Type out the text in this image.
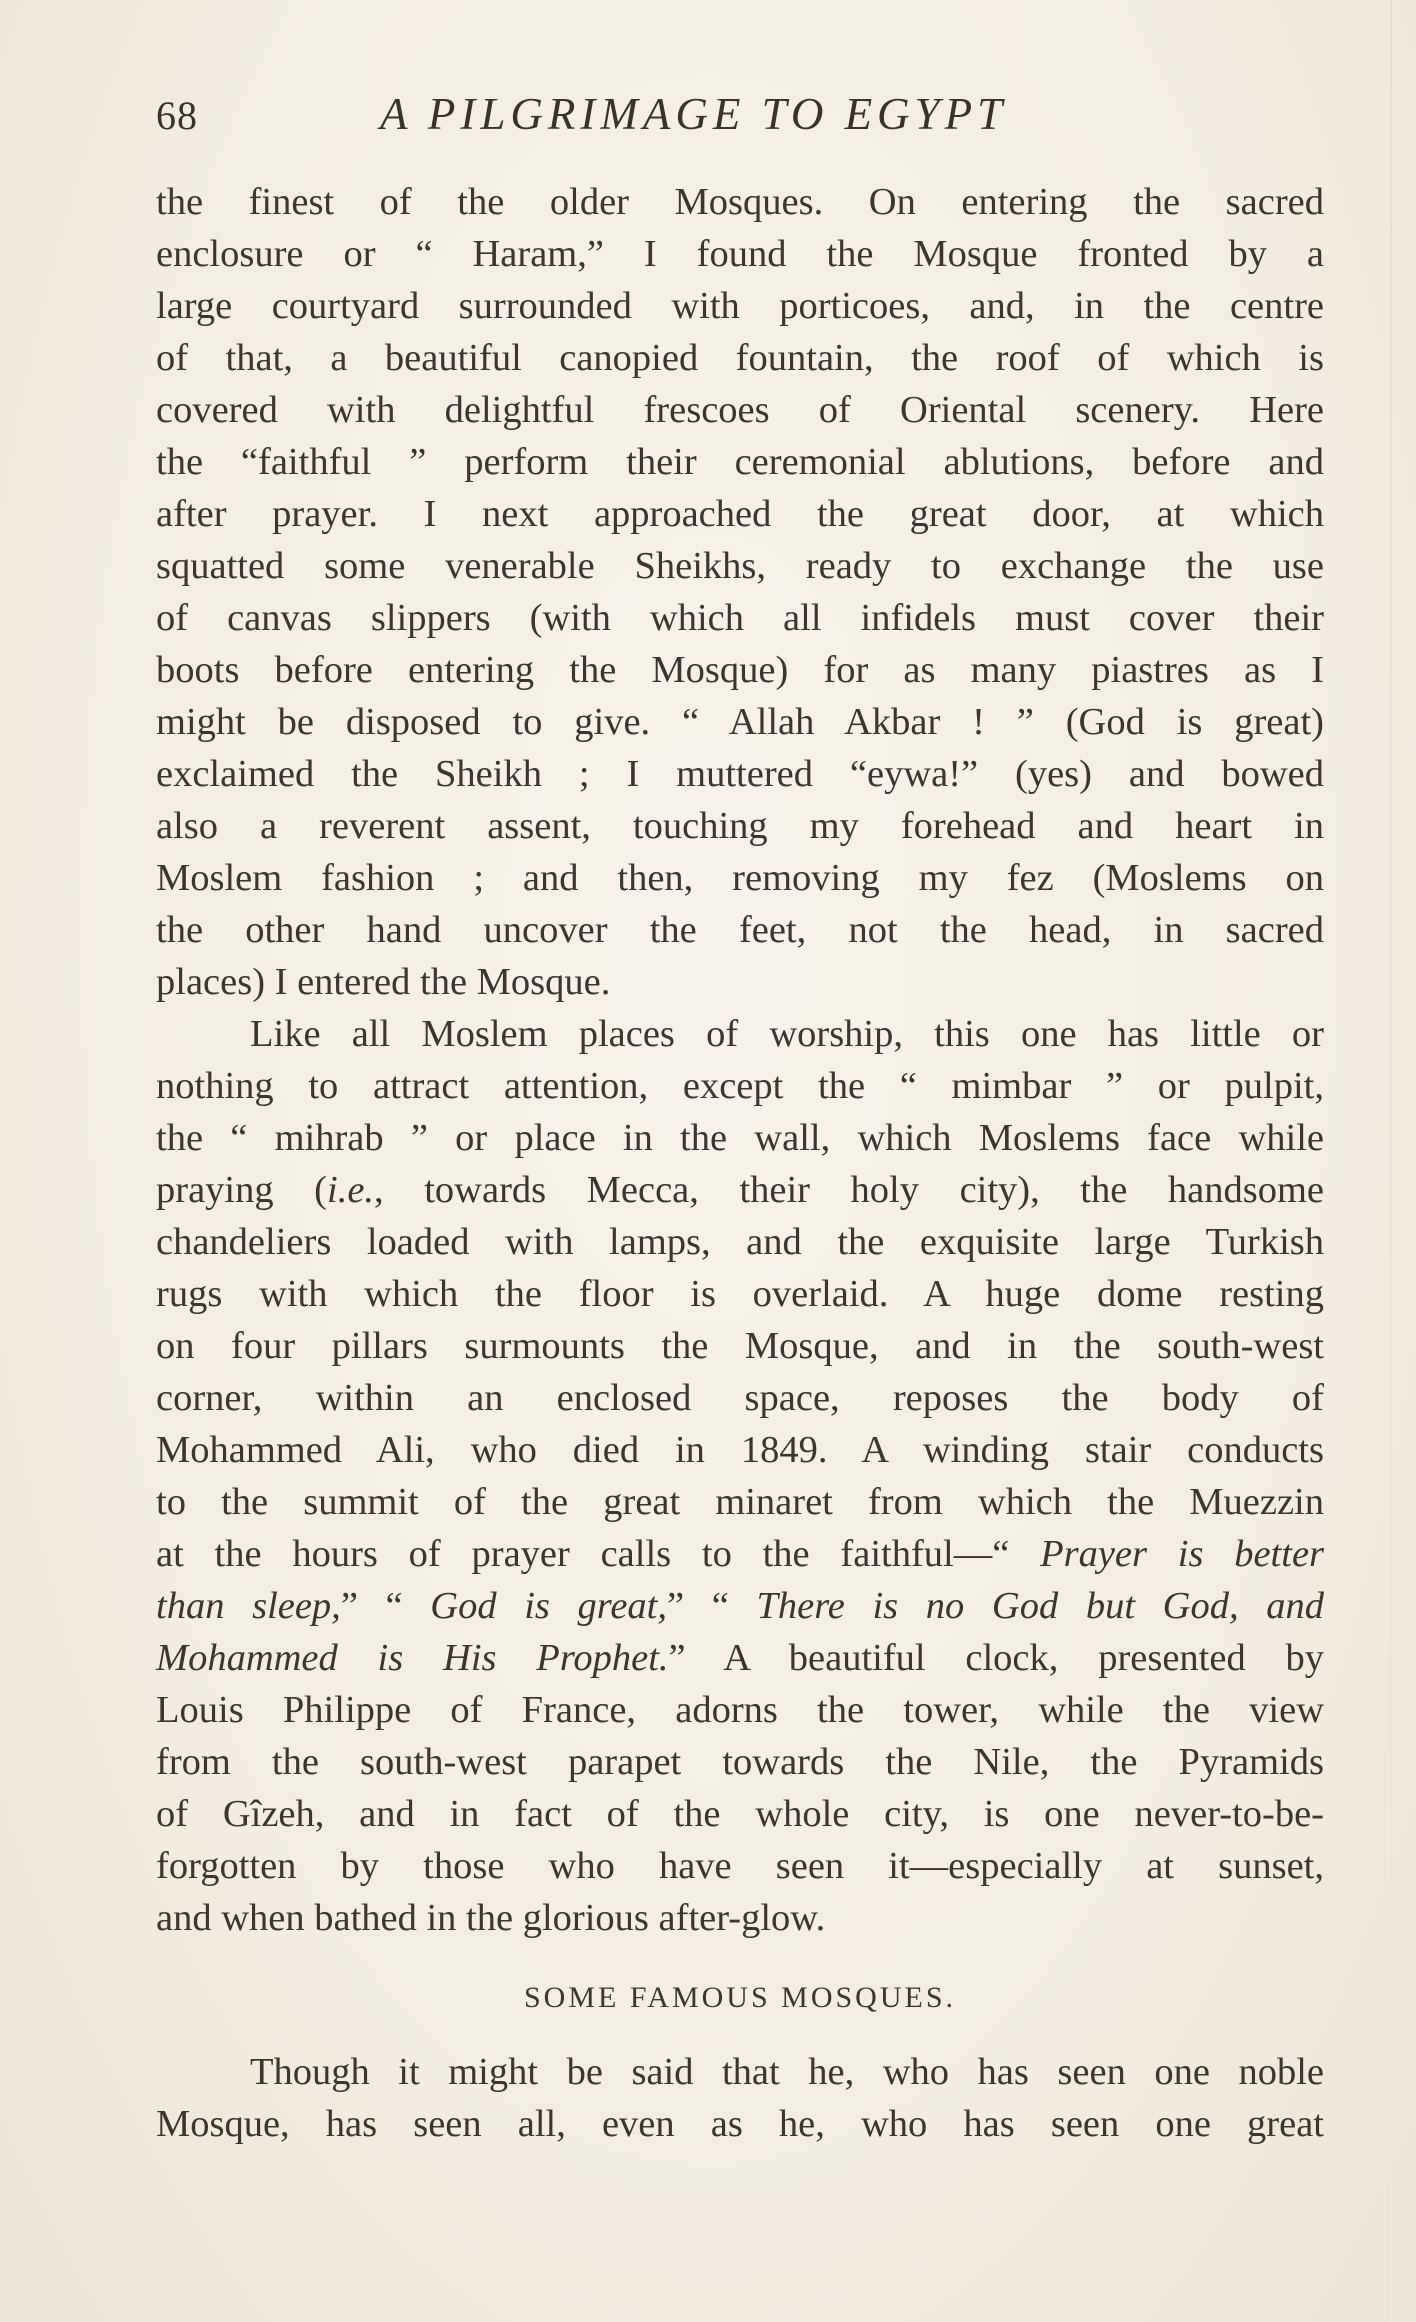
68	A PILGRIMAGE TO EGYPT

the finest of the older Mosques. On entering the sacred
enclosure or “ Haram,” I found the Mosque fronted by a
large courtyard surrounded with porticoes, and, in the centre
of that, a beautiful canopied fountain, the roof of which is
covered with delightful frescoes of Oriental scenery. Here
the “faithful ” perform their ceremonial ablutions, before and
after prayer. I next approached the great door, at which
squatted some venerable Sheikhs, ready to exchange the use
of canvas slippers (with which all infidels must cover their
boots before entering the Mosque) for as many piastres as I
might be disposed to give. “ Allah Akbar ! ” (God is great)
exclaimed the Sheikh ; I muttered “eywa!” (yes) and bowed
also a reverent assent, touching my forehead and heart in
Moslem fashion ; and then, removing my fez (Moslems on
the other hand uncover the feet, not the head, in sacred
places) I entered the Mosque.

Like all Moslem places of worship, this one has little or
nothing to attract attention, except the “ mimbar ” or pulpit,
the “ mihrab ” or place in the wall, which Moslems face while
praying (i.e., towards Mecca, their holy city), the handsome
chandeliers loaded with lamps, and the exquisite large Turkish
rugs with which the floor is overlaid. A huge dome resting
on four pillars surmounts the Mosque, and in the south-west
corner, within an enclosed space, reposes the body of
Mohammed Ali, who died in 1849. A winding stair conducts
to the summit of the great minaret from which the Muezzin
at the hours of prayer calls to the faithful—“ Prayer is better
than sleep,” “ God is great,” “ There is no God but God, and
Mohammed is His Prophet.” A beautiful clock, presented by
Louis Philippe of France, adorns the tower, while the view
from the south-west parapet towards the Nile, the Pyramids
of Gîzeh, and in fact of the whole city, is one never-to-be-
forgotten by those who have seen it—especially at sunset,
and when bathed in the glorious after-glow.

SOME FAMOUS MOSQUES.

Though it might be said that he, who has seen one noble
Mosque, has seen all, even as he, who has seen one great
